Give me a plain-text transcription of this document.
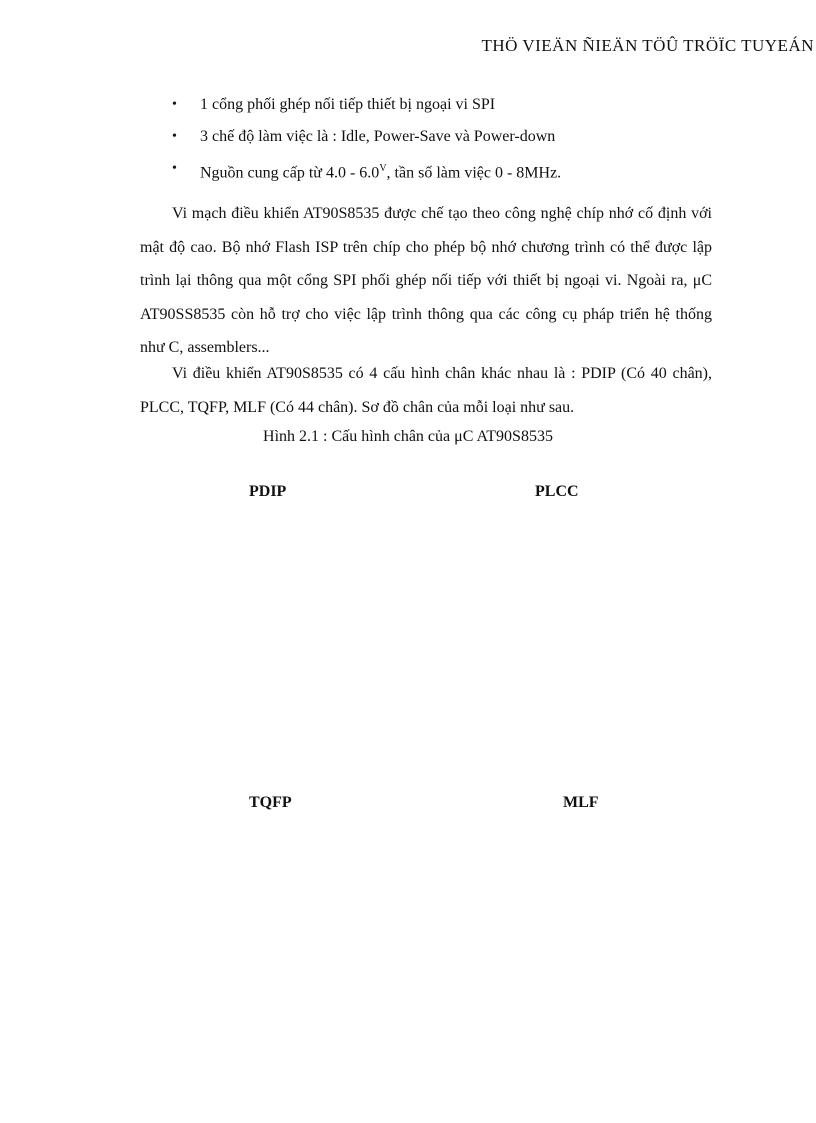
THÖ VIEÄN ÑIEÄN TÖÛ TRÖÏC TUYEÁN
• 1 cổng phối ghép nối tiếp thiết bị ngoại vi SPI
• 3 chế độ làm việc là : Idle, Power-Save và Power-down
• Nguồn cung cấp từ $4.0 - 6.0^V$, tần số làm việc 0 - 8MHz.

Vi mạch điều khiển AT90S8535 được chế tạo theo công nghệ chíp nhớ cố định với mật độ cao. Bộ nhớ Flash ISP trên chíp cho phép bộ nhớ chương trình có thể được lập trình lại thông qua một cổng SPI phối ghép nối tiếp với thiết bị ngoại vi. Ngoài ra, μC AT90SS8535 còn hỗ trợ cho việc lập trình thông qua các công cụ pháp triển hệ thống như C, assemblers...

Vi điều khiển AT90S8535 có 4 cấu hình chân khác nhau là : PDIP (Có 40 chân), PLCC, TQFP, MLF (Có 44 chân). Sơ đồ chân của mỗi loại như sau.

Hình 2.1 : Cấu hình chân của μC AT90S8535
PDIP	PLCC
TQFP	MLF
